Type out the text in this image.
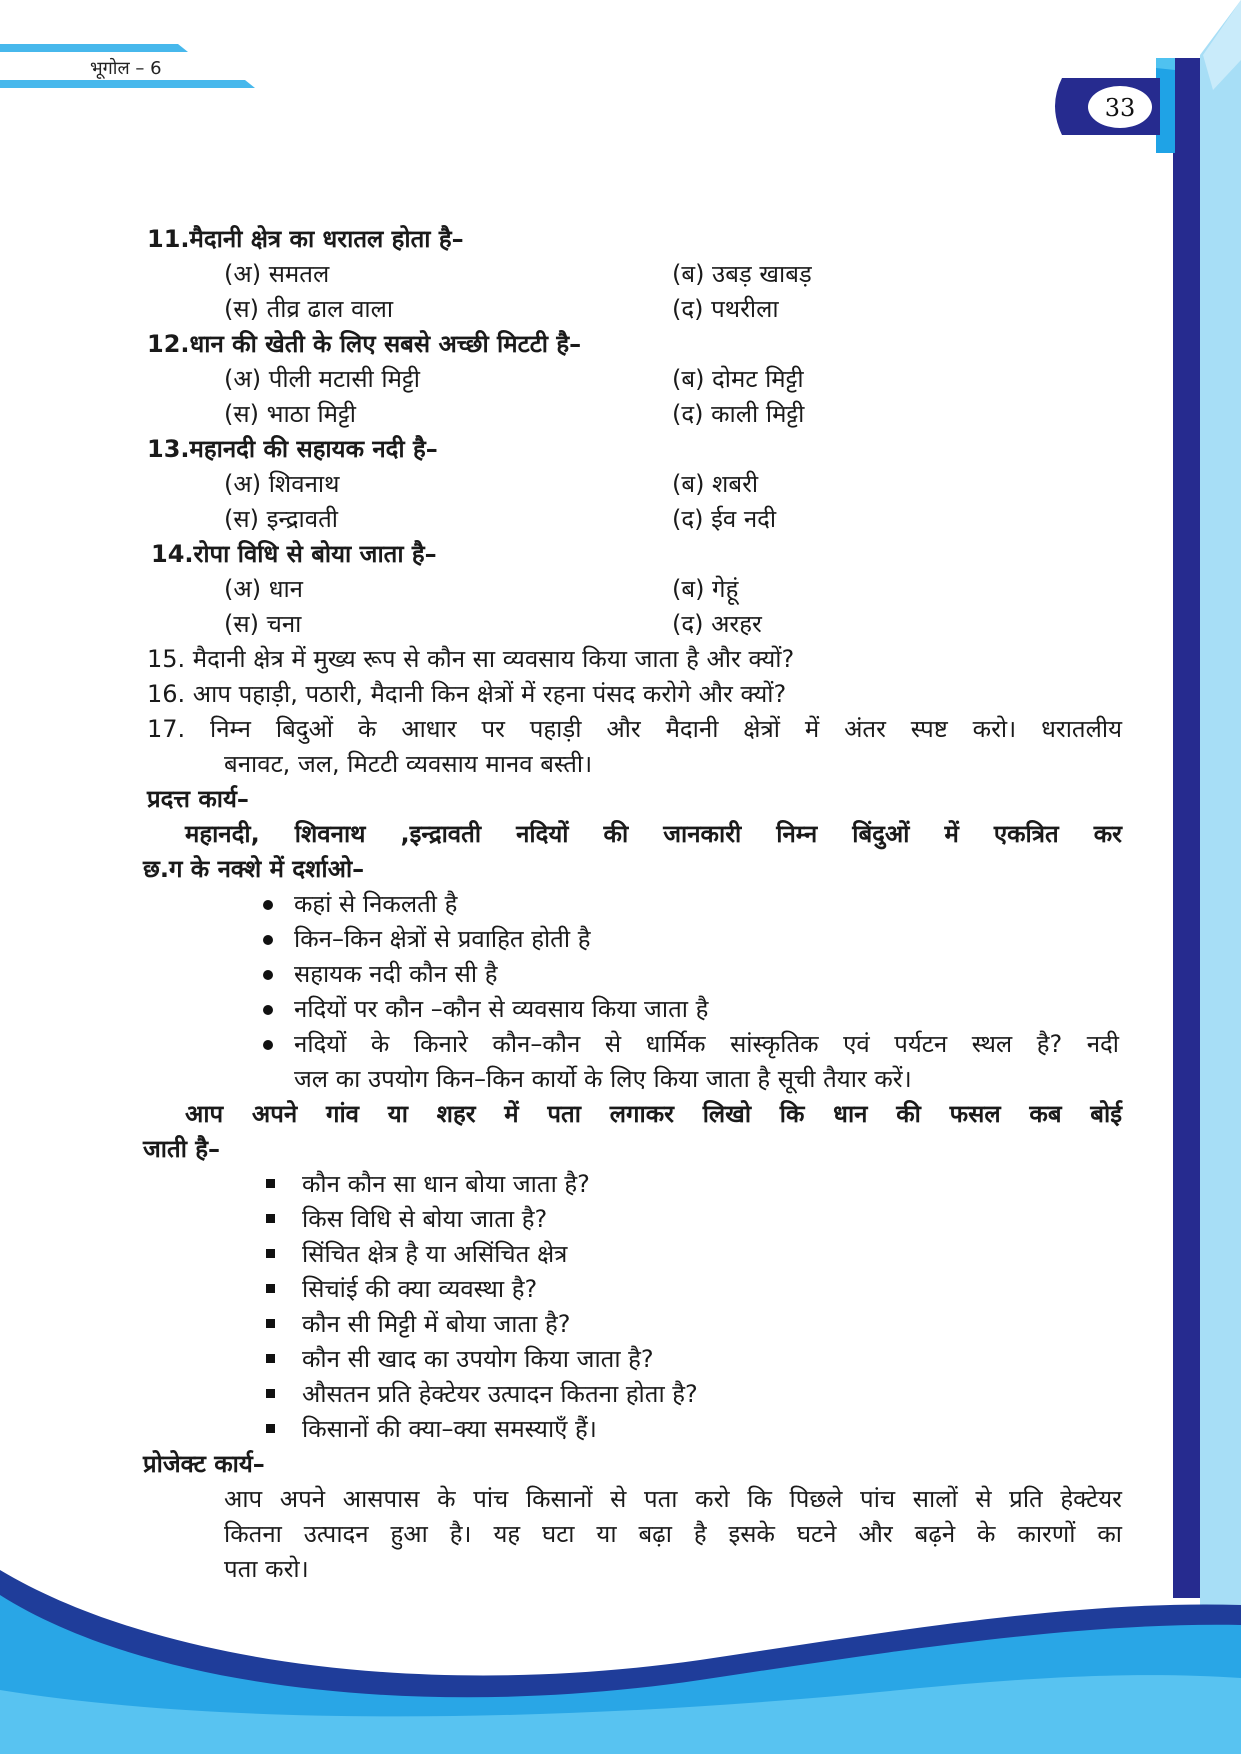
भूगोल – 6
33
11.मैदानी क्षेत्र का धरातल होता है–
(अ) समतल	(ब) उबड़ खाबड़
(स) तीव्र ढाल वाला	(द) पथरीला
12.धान की खेती के लिए सबसे अच्छी मिटटी है–
(अ) पीली मटासी मिट्टी	(ब) दोमट मिट्टी
(स) भाठा मिट्टी	(द) काली मिट्टी
13.महानदी की सहायक नदी है–
(अ) शिवनाथ	(ब) शबरी
(स) इन्द्रावती	(द) ईव नदी
14.रोपा विधि से बोया जाता है–
(अ) धान	(ब) गेहूं
(स) चना	(द) अरहर
15. मैदानी क्षेत्र में मुख्य रूप से कौन सा व्यवसाय किया जाता है और क्यों?
16. आप पहाड़ी, पठारी, मैदानी किन क्षेत्रों में रहना पंसद करोगे और क्यों?
17. निम्न बिदुओं के आधार पर पहाड़ी और मैदानी क्षेत्रों में अंतर स्पष्ट करो। धरातलीय
बनावट, जल, मिटटी व्यवसाय मानव बस्ती।
प्रदत्त कार्य–
महानदी, शिवनाथ ,इन्द्रावती नदियों की जानकारी निम्न बिंदुओं में एकत्रित कर
छ.ग के नक्शे में दर्शाओ–
कहां से निकलती है
किन–किन क्षेत्रों से प्रवाहित होती है
सहायक नदी कौन सी है
नदियों पर कौन –कौन से व्यवसाय किया जाता है
नदियों के किनारे कौन–कौन से धार्मिक सांस्कृतिक एवं पर्यटन स्थल है? नदी
जल का उपयोग किन–किन कार्यो के लिए किया जाता है सूची तैयार करें।
आप अपने गांव या शहर में पता लगाकर लिखो कि धान की फसल कब बोई
जाती है–
कौन कौन सा धान बोया जाता है?
किस विधि से बोया जाता है?
सिंचित क्षेत्र है या असिंचित क्षेत्र
सिचांई की क्या व्यवस्था है?
कौन सी मिट्टी में बोया जाता है?
कौन सी खाद का उपयोग किया जाता है?
औसतन प्रति हेक्टेयर उत्पादन कितना होता है?
किसानों की क्या–क्या समस्याएँ हैं।
प्रोजेक्ट कार्य–
आप अपने आसपास के पांच किसानों से पता करो कि पिछले पांच सालों से प्रति हेक्टेयर
कितना उत्पादन हुआ है। यह घटा या बढ़ा है इसके घटने और बढ़ने के कारणों का
पता करो।
